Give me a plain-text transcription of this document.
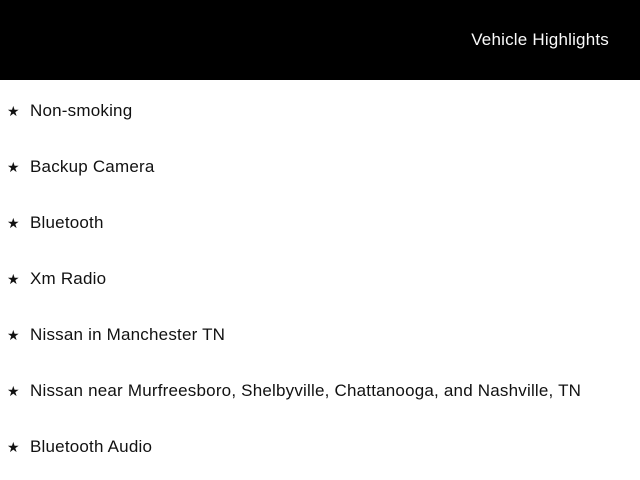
Vehicle Highlights
★ Non-smoking
★ Backup Camera
★ Bluetooth
★ Xm Radio
★ Nissan in Manchester TN
★ Nissan near Murfreesboro, Shelbyville, Chattanooga, and Nashville, TN
★ Bluetooth Audio
